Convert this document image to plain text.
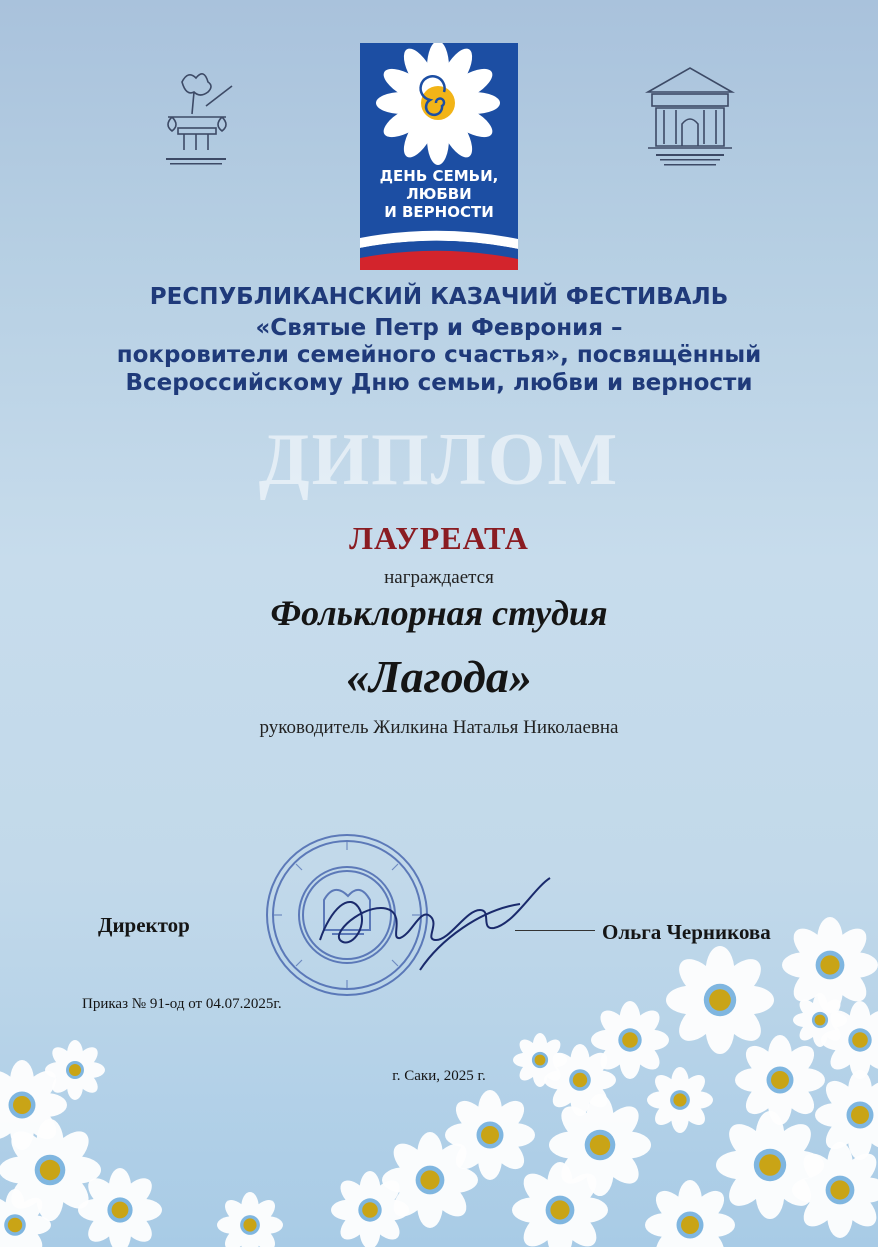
ДЕНЬ СЕМЬИ,
ЛЮБВИ
И ВЕРНОСТИ
РЕСПУБЛИКАНСКИЙ КАЗАЧИЙ ФЕСТИВАЛЬ
«Святые Петр и Феврония –
покровители семейного счастья», посвящённый
Всероссийскому Дню семьи, любви и верности
ДИПЛОМ
ЛАУРЕАТА
награждается
Фольклорная студия
«Лагода»
руководитель Жилкина Наталья Николаевна
Директор	Ольга Черникова
Приказ № 91-од от 04.07.2025г.
г. Саки, 2025 г.
